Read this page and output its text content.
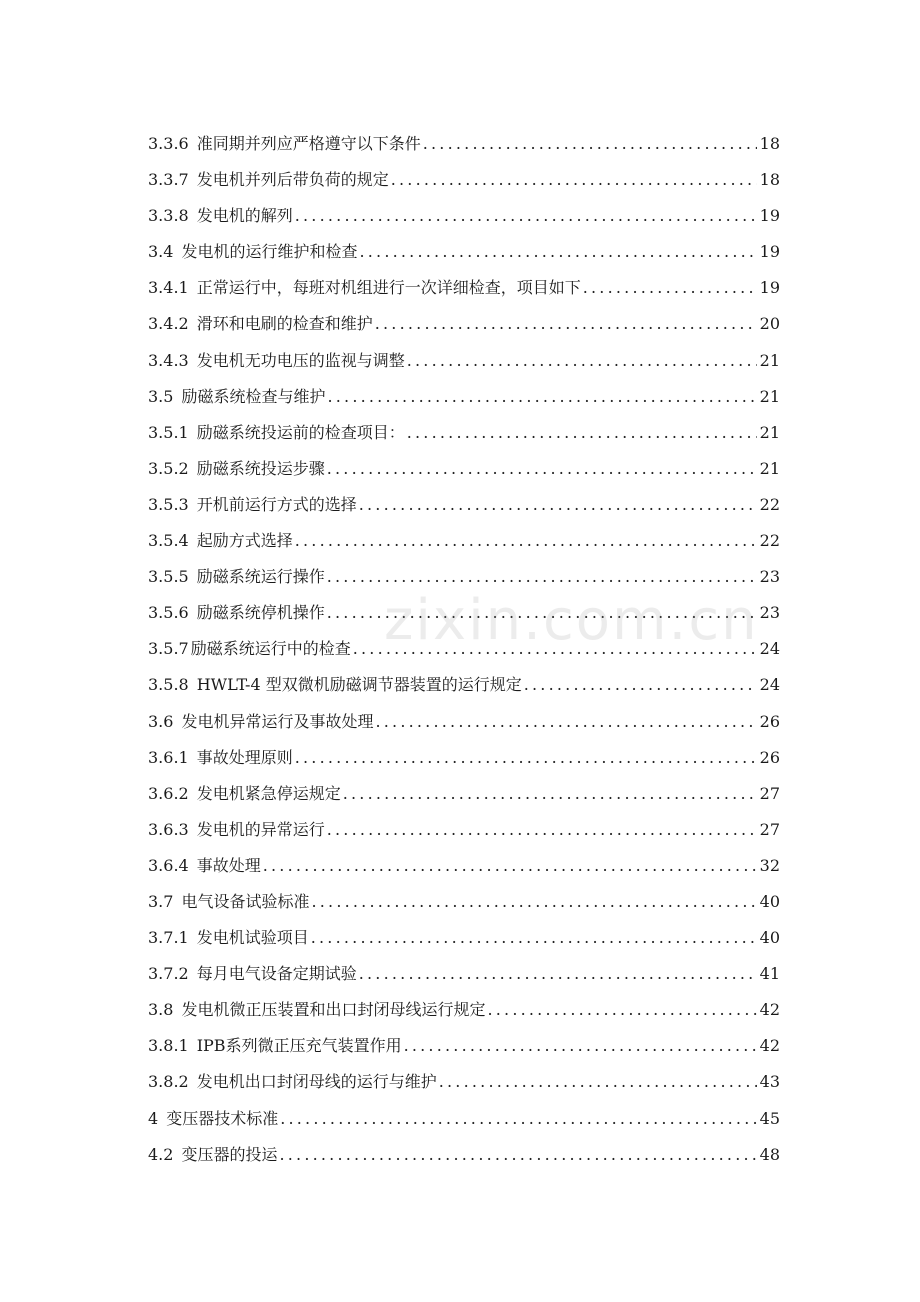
3.3.6 准同期并列应严格遵守以下条件 .....	18
3.3.7 发电机并列后带负荷的规定 .....	18
3.3.8 发电机的解列 .....	19
3.4 发电机的运行维护和检查 .....	19
3.4.1 正常运行中，每班对机组进行一次详细检查，项目如下 .....	19
3.4.2 滑环和电刷的检查和维护 .....	20
3.4.3 发电机无功电压的监视与调整 .....	21
3.5 励磁系统检查与维护 .....	21
3.5.1 励磁系统投运前的检查项目： .....	21
3.5.2 励磁系统投运步骤 .....	21
3.5.3 开机前运行方式的选择 .....	22
3.5.4 起励方式选择 .....	22
3.5.5 励磁系统运行操作 .....	23
3.5.6 励磁系统停机操作 .....	23
3.5.7 励磁系统运行中的检查 .....	24
3.5.8 HWLT-4 型双微机励磁调节器装置的运行规定 .....	24
3.6 发电机异常运行及事故处理 .....	26
3.6.1 事故处理原则 .....	26
3.6.2 发电机紧急停运规定 .....	27
3.6.3 发电机的异常运行 .....	27
3.6.4 事故处理 .....	32
3.7 电气设备试验标准 .....	40
3.7.1 发电机试验项目 .....	40
3.7.2 每月电气设备定期试验 .....	41
3.8 发电机微正压装置和出口封闭母线运行规定 .....	42
3.8.1 IPB系列微正压充气装置作用 .....	42
3.8.2 发电机出口封闭母线的运行与维护 .....	43
4 变压器技术标准 .....	45
4.2 变压器的投运 .....	48
zixin.com.cn
